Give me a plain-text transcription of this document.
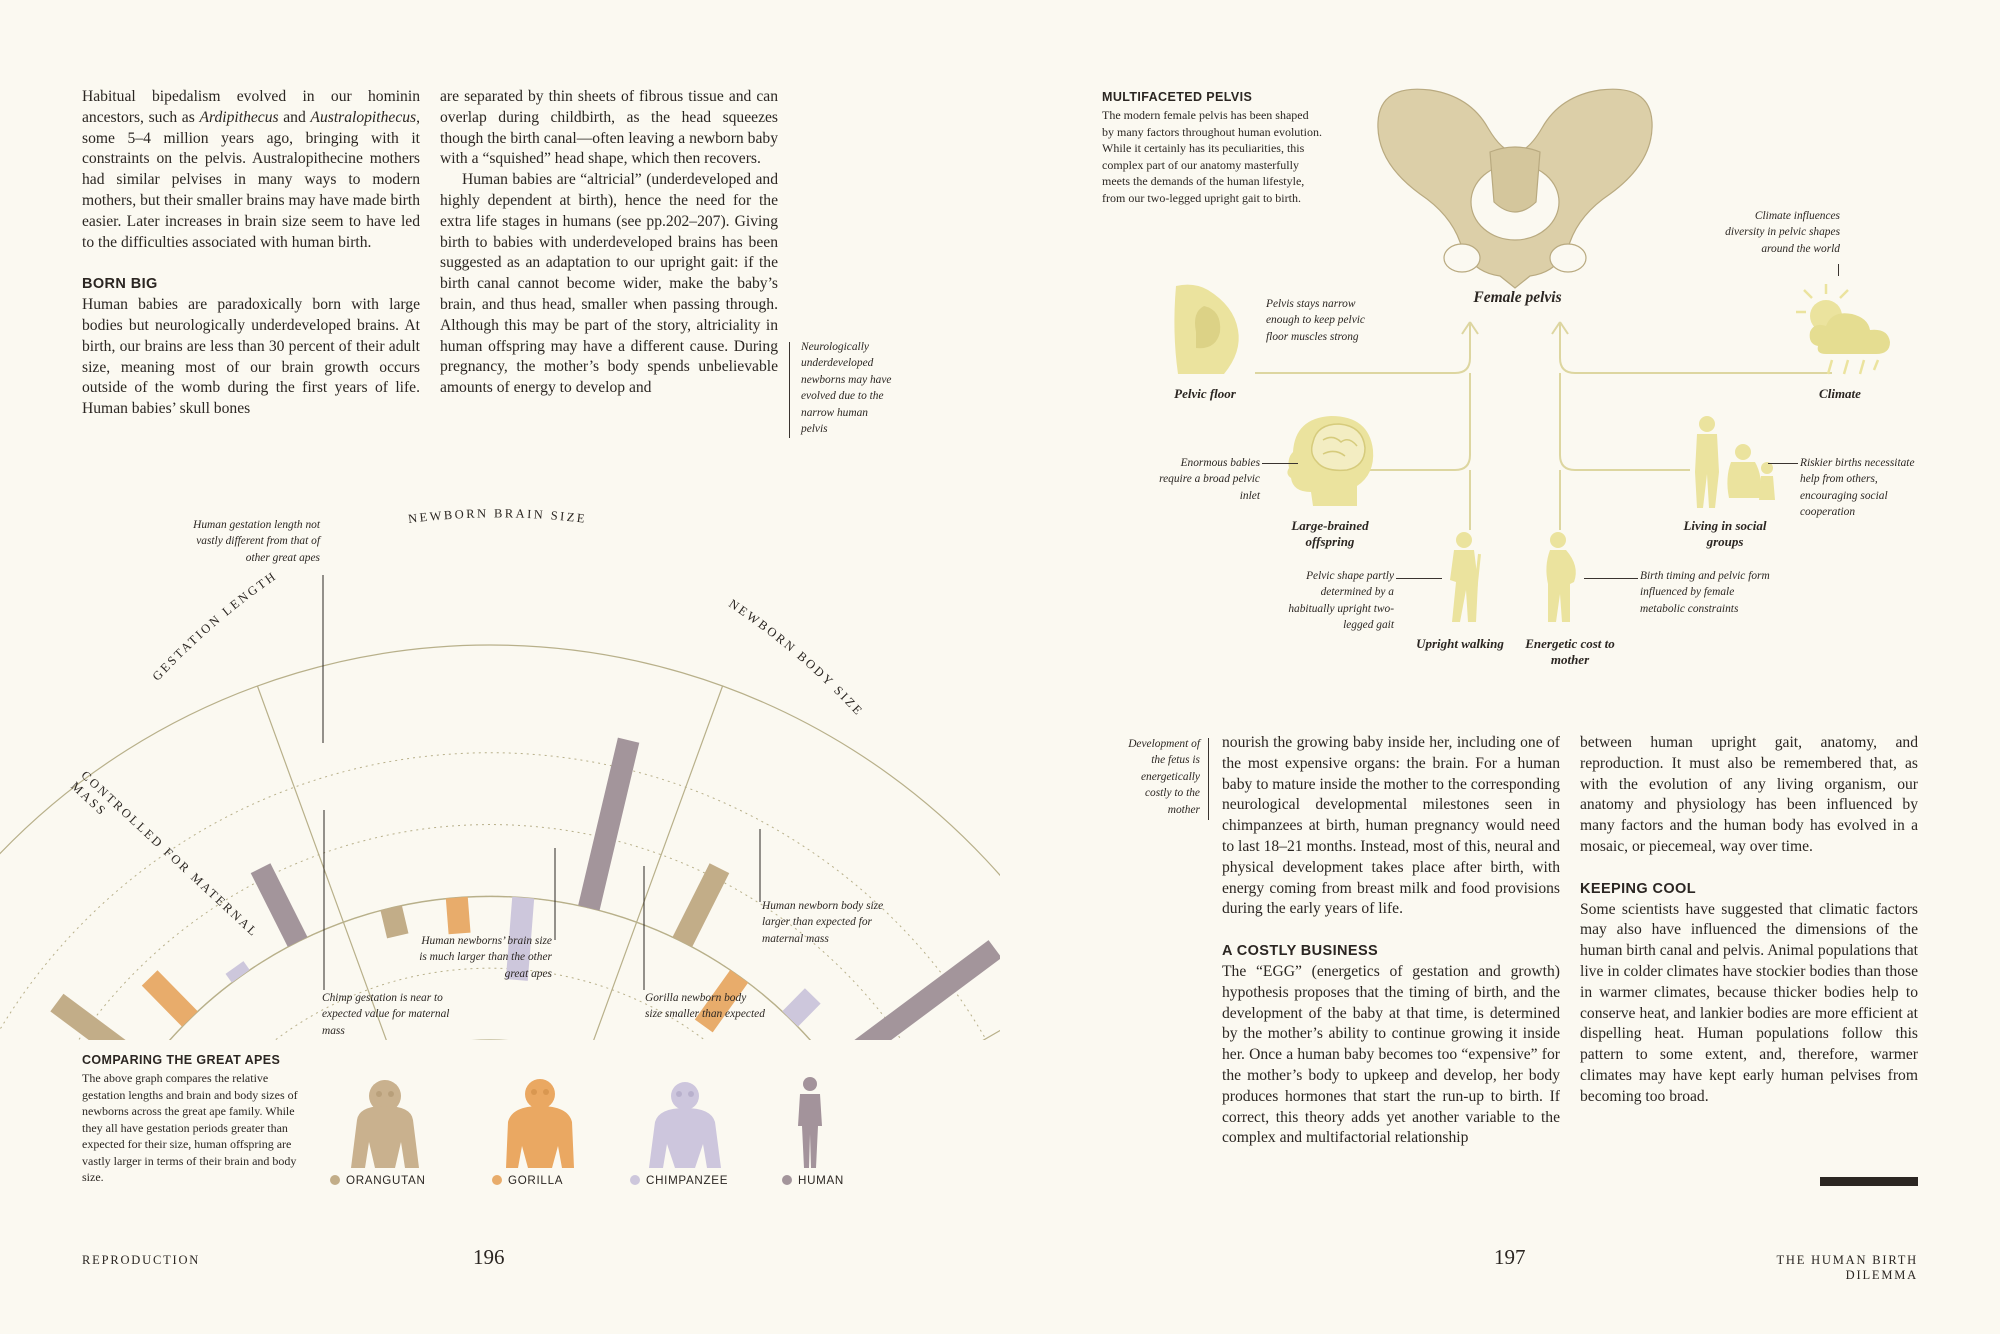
Habitual bipedalism evolved in our hominin ancestors, such as Ardipithecus and Australopithecus, some 5–4 million years ago, bringing with it constraints on the pelvis. Australopithecine mothers had similar pelvises in many ways to modern mothers, but their smaller brains may have made birth easier. Later increases in brain size seem to have led to the difficulties associated with human birth.

BORN BIG

Human babies are paradoxically born with large bodies but neurologically underdeveloped brains. At birth, our brains are less than 30 percent of their adult size, meaning most of our brain growth occurs outside of the womb during the first years of life. Human babies’ skull bones

are separated by thin sheets of fibrous tissue and can overlap during childbirth, as the head squeezes though the birth canal—often leaving a newborn baby with a “squished” head shape, which then recovers.

Human babies are “altricial” (underdeveloped and highly dependent at birth), hence the need for the extra life stages in humans (see pp.202–207). Giving birth to babies with underdeveloped brains has been suggested as an adaptation to our upright gait: if the birth canal cannot become wider, make the baby’s brain, and thus head, smaller when passing through. Although this may be part of the story, altriciality in human offspring may have a different cause. During pregnancy, the mother’s body spends unbelievable amounts of energy to develop and

Neurologically underdeveloped newborns may have evolved due to the narrow human pelvis
GESTATION LENGTH
NEWBORN BRAIN SIZE
NEWBORN BODY SIZE
CONTROLLED FOR MATERNAL MASS
Human gestation length not vastly different from that of other great apes
Chimp gestation is near to expected value for maternal mass
Human newborns’ brain size is much larger than the other great apes
Gorilla newborn body size smaller than expected
Human newborn body size larger than expected for maternal mass
COMPARING THE GREAT APES
The above graph compares the relative gestation lengths and brain and body sizes of newborns across the great ape family. While they all have gestation periods greater than expected for their size, human offspring are vastly larger in terms of their brain and body size.	ORANGUTAN	GORILLA	CHIMPANZEE	HUMAN
REPRODUCTION	196
MULTIFACETED PELVIS
The modern female pelvis has been shaped by many factors throughout human evolution. While it certainly has its peculiarities, this complex part of our anatomy masterfully meets the demands of the human lifestyle, from our two-legged upright gait to birth.
Female pelvis
Pelvic floor
Pelvis stays narrow enough to keep pelvic floor muscles strong
Climate
Climate influences diversity in pelvic shapes around the world
Large-brained offspring
Enormous babies require a broad pelvic inlet
Living in social groups
Riskier births necessitate help from others, encouraging social cooperation
Upright walking
Pelvic shape partly determined by a habitually upright two-legged gait
Energetic cost to mother
Birth timing and pelvic form influenced by female metabolic constraints
Development of the fetus is energetically costly to the mother

nourish the growing baby inside her, including one of the most expensive organs: the brain. For a human baby to mature inside the mother to the corresponding neurological developmental milestones seen in chimpanzees at birth, human pregnancy would need to last 18–21 months. Instead, most of this, neural and physical development takes place after birth, with energy coming from breast milk and food provisions during the early years of life.

A COSTLY BUSINESS

The “EGG” (energetics of gestation and growth) hypothesis proposes that the timing of birth, and the development of the baby at that time, is determined by the mother’s ability to continue growing it inside her. Once a human baby becomes too “expensive” for the mother’s body to upkeep and develop, her body produces hormones that start the run-up to birth. If correct, this theory adds yet another variable to the complex and multifactorial relationship

between human upright gait, anatomy, and reproduction. It must also be remembered that, as with the evolution of any living organism, our anatomy and physiology has been influenced by many factors and the human body has evolved in a mosaic, or piecemeal, way over time.

KEEPING COOL

Some scientists have suggested that climatic factors may also have influenced the dimensions of the human birth canal and pelvis. Animal populations that live in colder climates have stockier bodies than those in warmer climates, because thicker bodies help to conserve heat, and lankier bodies are more efficient at dispelling heat. Human populations follow this pattern to some extent, and, therefore, warmer climates may have kept early human pelvises from becoming too broad.

197	THE HUMAN BIRTH DILEMMA
